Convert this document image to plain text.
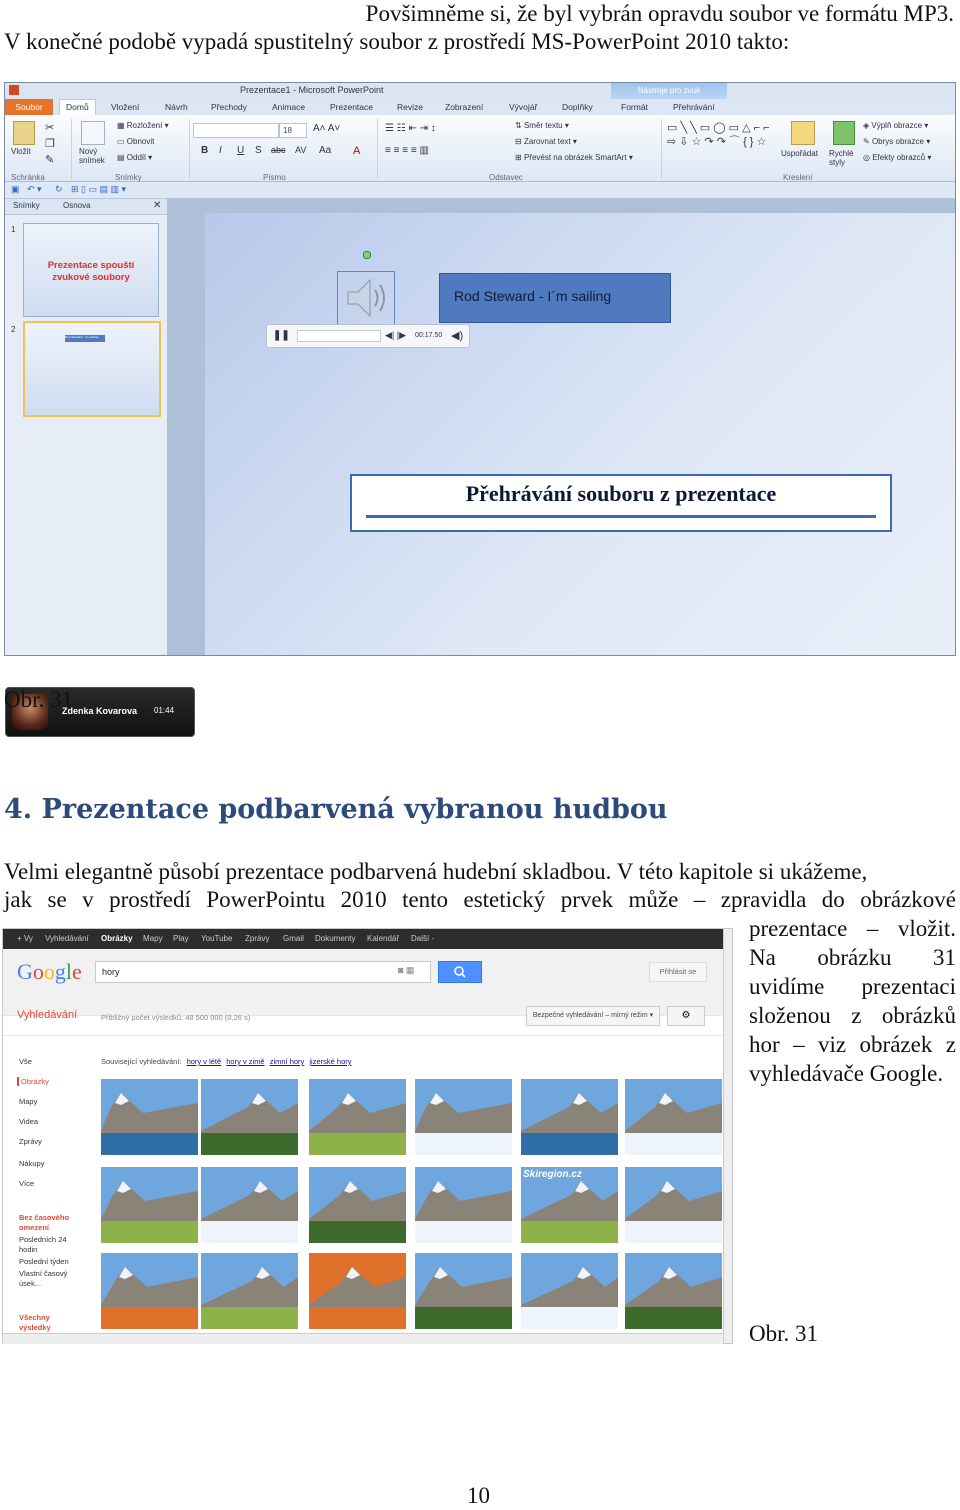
Povšimněme si, že byl vybrán opravdu soubor ve formátu MP3.
V konečné podobě vypadá spustitelný soubor z prostředí MS-PowerPoint 2010 takto:
Prezentace1 - Microsoft PowerPoint	Nástroje pro zvuk
Soubor	Domů	Vložení	Návrh	Přechody	Animace	Prezentace	Revize	Zobrazení	Vývojář	Doplňky	Formát	Přehrávání
Vložit
✂
❐
✎
Schránka
Nový snímek
▦ Rozložení ▾
▭ Obnovit
▤ Oddíl ▾
Snímky
18	A˄ A˅
B I U S abc AV Aa A
Písmo
☰ ☷ ⇤ ⇥ ↕
≡ ≡ ≡ ≡ ▥
⇅ Směr textu ▾
⊟ Zarovnat text ▾
⊞ Převést na obrázek SmartArt ▾
Odstavec
▭ ╲ ╲ ▭ ◯ ▭ △ ⌐ ⌐ ⇨ ⇩ ☆ ↷ ↷ ⌒ { } ☆
Uspořádat Rychlé styly
◈ Výplň obrazce ▾
✎ Obrys obrazce ▾
◎ Efekty obrazců ▾
Kreslení
▣ ↶ ▾ ↻ ⊞ ▯ ▭ ▤ ▥ ▾
Snímky	Osnova	✕
1
Prezentace spouští zvukové soubory
2
Rod Steward - I'm sailing
Zdenka Kovarova 01:44
Rod Steward - I´m sailing
❚❚	◀| |▶ 00:17.50 ◀)
Přehrávání souboru z prezentace
Obr. 31
4. Prezentace podbarvená vybranou hudbou
Velmi elegantně působí prezentace podbarvená hudební skladbou. V této kapitole si ukážeme,
jak se v prostředí PowerPointu 2010 tento estetický prvek může – zpravidla do obrázkové
prezentace – vložit.
Na obrázku 31
uvidíme prezentaci
složenou z obrázků
hor – viz obrázek z
vyhledávače Google.
+ Vy Vyhledávání Obrázky Mapy Play YouTube Zprávy Gmail Dokumenty Kalendář Další -
Google	hory	◙ ▦	Přihlásit se
Vyhledávání	Přibližný počet výsledků: 48 500 000 (0,26 s)	Bezpečné vyhledávání – mírný režim ▾	⚙
Vše
Obrázky
Mapy
Videa
Zprávy
Nákupy
Více
Bez časového omezení
Posledních 24 hodin
Poslední týden
Vlastní časový úsek...
Všechny výsledky
Související vyhledávání: hory v létě hory v zimě zimní hory jizerské hory
Skiregion.cz
Obr. 31
10
